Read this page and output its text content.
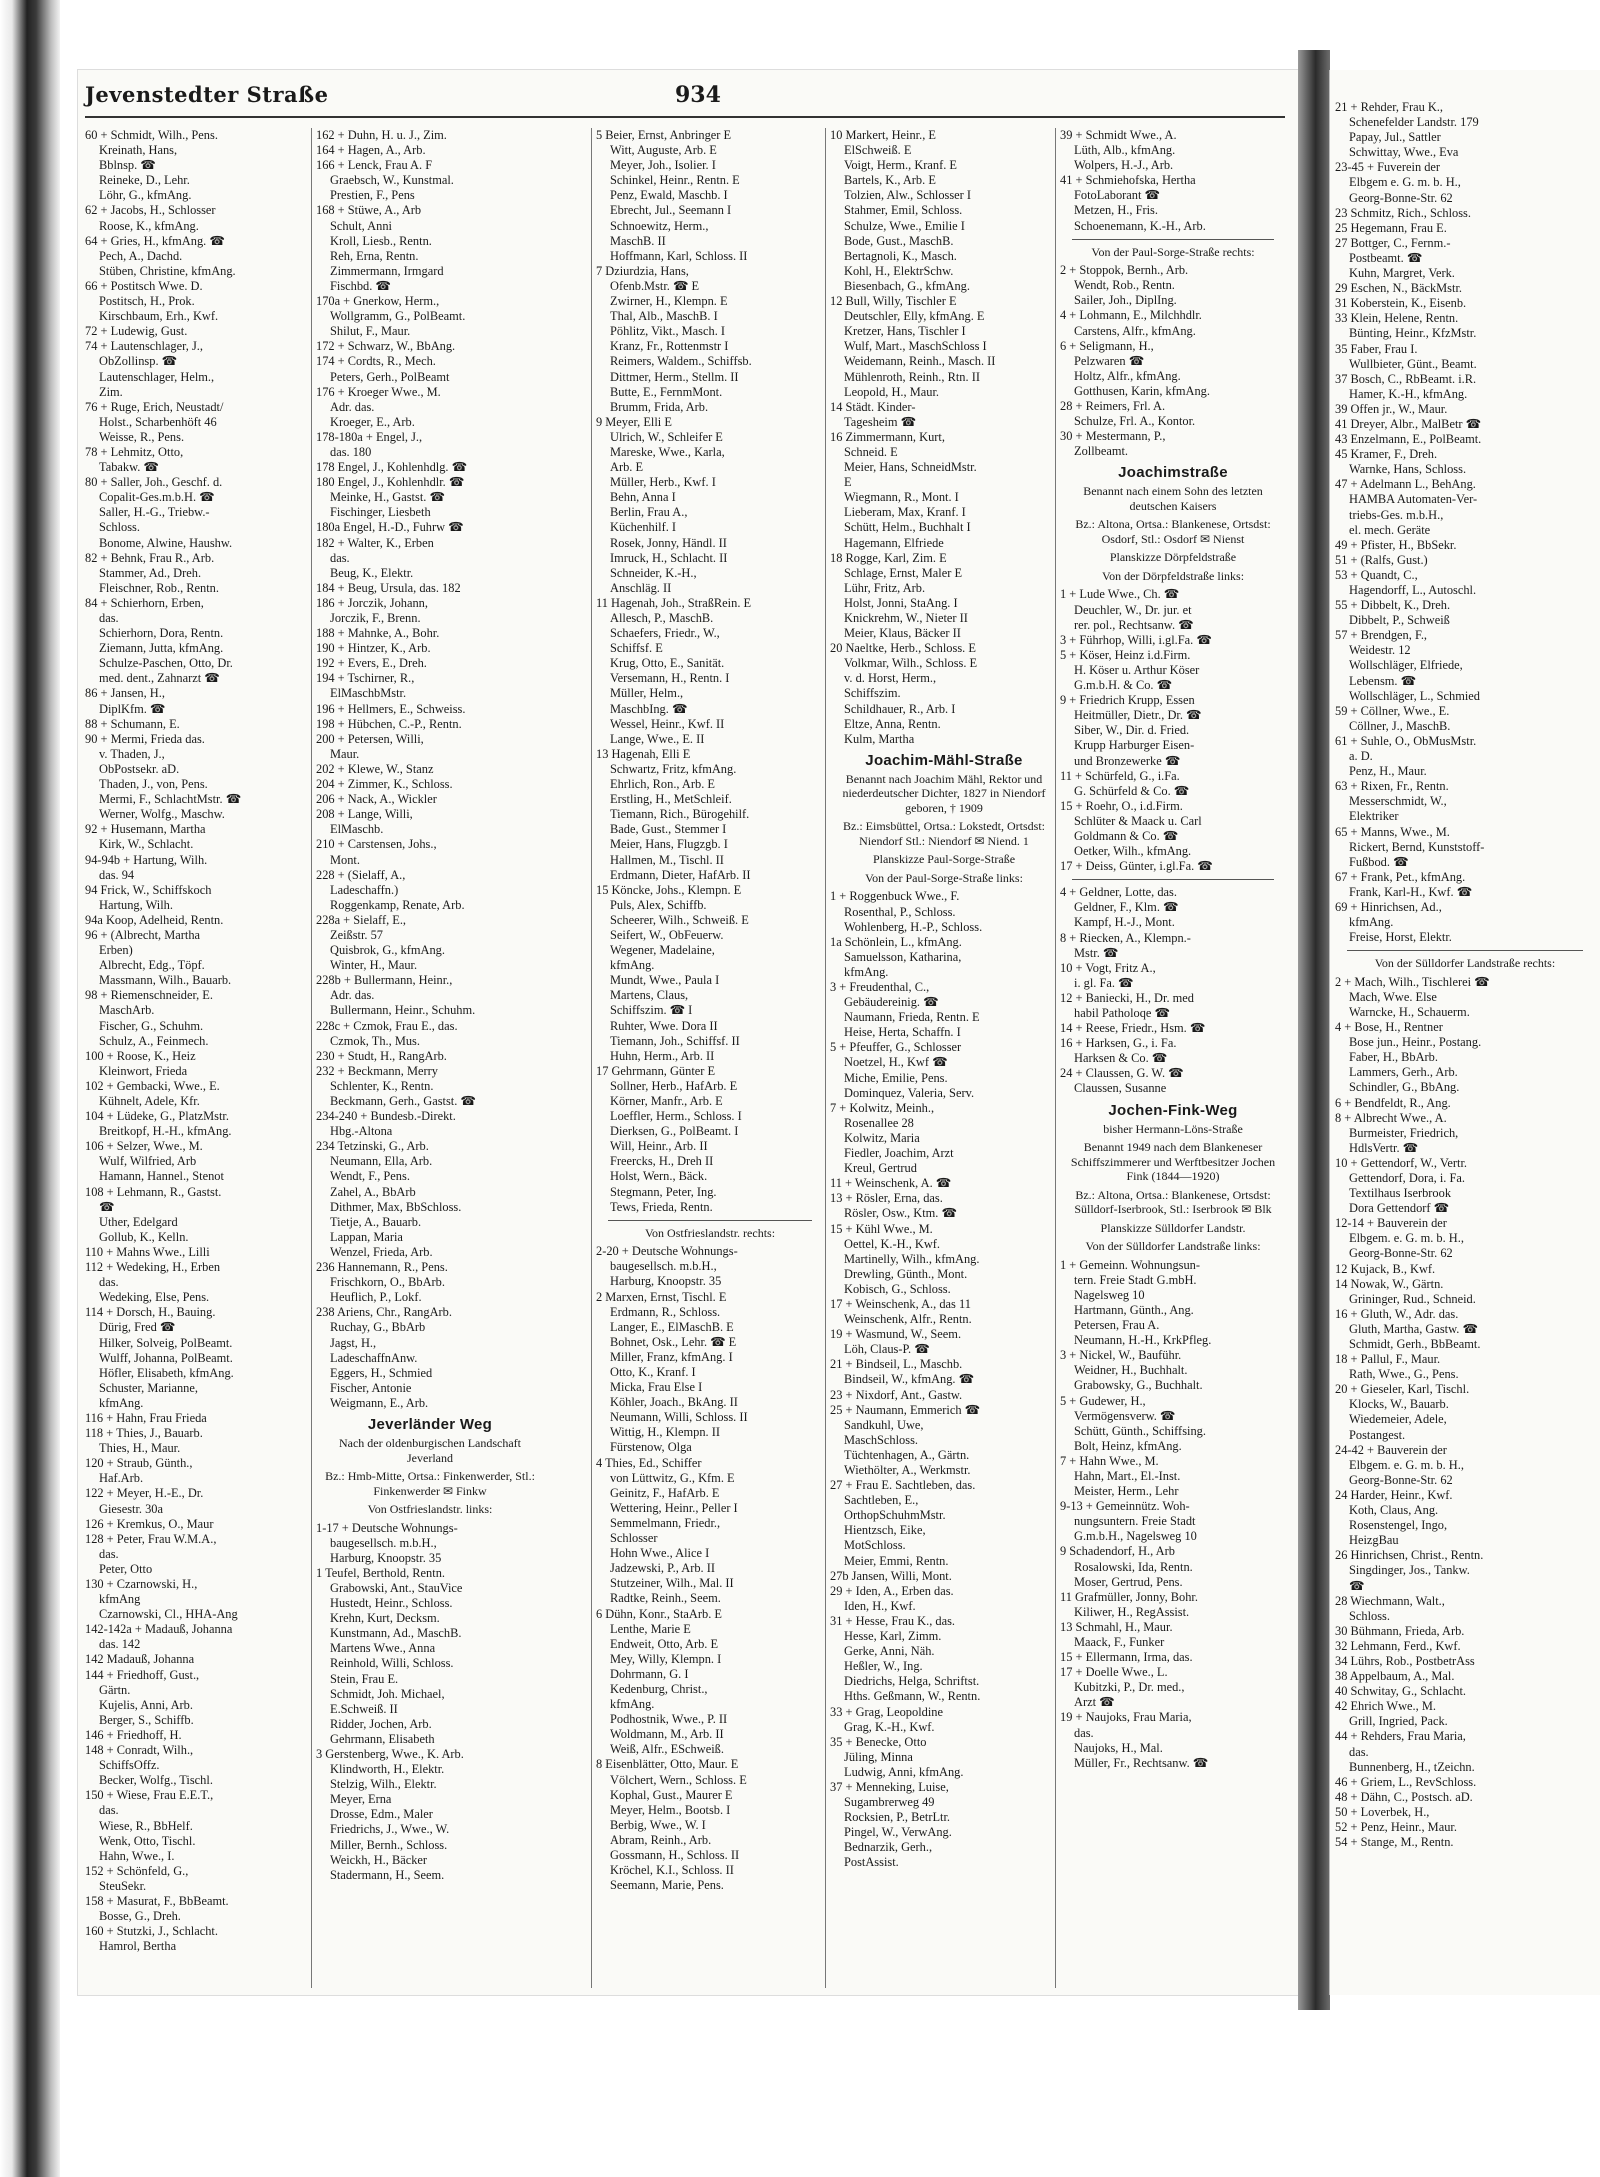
Jevenstedter Straße	934
60 + Schmidt, Wilh., Pens.
Kreinath, Hans,
Bblnsp. ☎
Reineke, D., Lehr.
Löhr, G., kfmAng.
62 + Jacobs, H., Schlosser
Roose, K., kfmAng.
64 + Gries, H., kfmAng. ☎
Pech, A., Dachd.
Stüben, Christine, kfmAng.
66 + Postitsch Wwe. D.
Postitsch, H., Prok.
Kirschbaum, Erh., Kwf.
72 + Ludewig, Gust.
74 + Lautenschlager, J.,
ObZollinsp. ☎
Lautenschlager, Helm.,
Zim.
76 + Ruge, Erich, Neustadt/
Holst., Scharbenhöft 46
Weisse, R., Pens.
78 + Lehmitz, Otto,
Tabakw. ☎
80 + Saller, Joh., Geschf. d.
Copalit-Ges.m.b.H. ☎
Saller, H.-G., Triebw.-
Schloss.
Bonome, Alwine, Haushw.
82 + Behnk, Frau R., Arb.
Stammer, Ad., Dreh.
Fleischner, Rob., Rentn.
84 + Schierhorn, Erben,
das.
Schierhorn, Dora, Rentn.
Ziemann, Jutta, kfmAng.
Schulze-Paschen, Otto, Dr.
med. dent., Zahnarzt ☎
86 + Jansen, H.,
DiplKfm. ☎
88 + Schumann, E.
90 + Mermi, Frieda das.
v. Thaden, J.,
ObPostsekr. aD.
Thaden, J., von, Pens.
Mermi, F., SchlachtMstr. ☎
Werner, Wolfg., Maschw.
92 + Husemann, Martha
Kirk, W., Schlacht.
94-94b + Hartung, Wilh.
das. 94
94 Frick, W., Schiffskoch
Hartung, Wilh.
94a Koop, Adelheid, Rentn.
96 + (Albrecht, Martha
Erben)
Albrecht, Edg., Töpf.
Massmann, Wilh., Bauarb.
98 + Riemenschneider, E.
MaschArb.
Fischer, G., Schuhm.
Schulz, A., Feinmech.
100 + Roose, K., Heiz
Kleinwort, Frieda
102 + Gembacki, Wwe., E.
Kühnelt, Adele, Kfr.
104 + Lüdeke, G., PlatzMstr.
Breitkopf, H.-H., kfmAng.
106 + Selzer, Wwe., M.
Wulf, Wilfried, Arb
Hamann, Hannel., Stenot
108 + Lehmann, R., Gastst.
☎
Uther, Edelgard
Gollub, K., Kelln.
110 + Mahns Wwe., Lilli
112 + Wedeking, H., Erben
das.
Wedeking, Else, Pens.
114 + Dorsch, H., Bauing.
Dürig, Fred ☎
Hilker, Solveig, PolBeamt.
Wulff, Johanna, PolBeamt.
Höfler, Elisabeth, kfmAng.
Schuster, Marianne,
kfmAng.
116 + Hahn, Frau Frieda
118 + Thies, J., Bauarb.
Thies, H., Maur.
120 + Straub, Günth.,
Haf.Arb.
122 + Meyer, H.-E., Dr.
Giesestr. 30a
126 + Kremkus, O., Maur
128 + Peter, Frau W.M.A.,
das.
Peter, Otto
130 + Czarnowski, H.,
kfmAng
Czarnowski, Cl., HHA-Ang
142-142a + Madauß, Johanna
das. 142
142 Madauß, Johanna
144 + Friedhoff, Gust.,
Gärtn.
Kujelis, Anni, Arb.
Berger, S., Schiffb.
146 + Friedhoff, H.
148 + Conradt, Wilh.,
SchiffsOffz.
Becker, Wolfg., Tischl.
150 + Wiese, Frau E.E.T.,
das.
Wiese, R., BbHelf.
Wenk, Otto, Tischl.
Hahn, Wwe., I.
152 + Schönfeld, G.,
SteuSekr.
158 + Masurat, F., BbBeamt.
Bosse, G., Dreh.
160 + Stutzki, J., Schlacht.
Hamrol, Bertha
162 + Duhn, H. u. J., Zim.
164 + Hagen, A., Arb.
166 + Lenck, Frau A. F
Graebsch, W., Kunstmal.
Prestien, F., Pens
168 + Stüwe, A., Arb
Schult, Anni
Kroll, Liesb., Rentn.
Reh, Erna, Rentn.
Zimmermann, Irmgard
Fischbd. ☎
170a + Gnerkow, Herm.,
Wollgramm, G., PolBeamt.
Shilut, F., Maur.
172 + Schwarz, W., BbAng.
174 + Cordts, R., Mech.
Peters, Gerh., PolBeamt
176 + Kroeger Wwe., M.
Adr. das.
Kroeger, E., Arb.
178-180a + Engel, J.,
das. 180
178 Engel, J., Kohlenhdlg. ☎
180 Engel, J., Kohlenhdlr. ☎
Meinke, H., Gastst. ☎
Fischinger, Liesbeth
180a Engel, H.-D., Fuhrw ☎
182 + Walter, K., Erben
das.
Beug, K., Elektr.
184 + Beug, Ursula, das. 182
186 + Jorczik, Johann,
Jorczik, F., Brenn.
188 + Mahnke, A., Bohr.
190 + Hintzer, K., Arb.
192 + Evers, E., Dreh.
194 + Tschirner, R.,
ElMaschbMstr.
196 + Hellmers, E., Schweiss.
198 + Hübchen, C.-P., Rentn.
200 + Petersen, Willi,
Maur.
202 + Klewe, W., Stanz
204 + Zimmer, K., Schloss.
206 + Nack, A., Wickler
208 + Lange, Willi,
ElMaschb.
210 + Carstensen, Johs.,
Mont.
228 + (Sielaff, A.,
Ladeschaffn.)
Roggenkamp, Renate, Arb.
228a + Sielaff, E.,
Zeißstr. 57
Quisbrok, G., kfmAng.
Winter, H., Maur.
228b + Bullermann, Heinr.,
Adr. das.
Bullermann, Heinr., Schuhm.
228c + Czmok, Frau E., das.
Czmok, Th., Mus.
230 + Studt, H., RangArb.
232 + Beckmann, Merry
Schlenter, K., Rentn.
Beckmann, Gerh., Gastst. ☎
234-240 + Bundesb.-Direkt.
Hbg.-Altona
234 Tetzinski, G., Arb.
Neumann, Ella, Arb.
Wendt, F., Pens.
Zahel, A., BbArb
Dithmer, Max, BbSchloss.
Tietje, A., Bauarb.
Lappan, Maria
Wenzel, Frieda, Arb.
236 Hannemann, R., Pens.
Frischkorn, O., BbArb.
Heuflich, P., Lokf.
238 Ariens, Chr., RangArb.
Ruchay, G., BbArb
Jagst, H.,
LadeschaffnAnw.
Eggers, H., Schmied
Fischer, Antonie
Weigmann, E., Arb.
Jeverländer Weg
Nach der oldenburgischen Landschaft Jeverland
Bz.: Hmb-Mitte, Ortsa.: Finkenwerder, Stl.: Finkenwerder ✉ Finkw
Von Ostfrieslandstr. links:
1-17 + Deutsche Wohnungs-
baugesellsch. m.b.H.,
Harburg, Knoopstr. 35
1 Teufel, Berthold, Rentn.
Grabowski, Ant., StauVice
Hustedt, Heinr., Schloss.
Krehn, Kurt, Decksm.
Kunstmann, Ad., MaschB.
Martens Wwe., Anna
Reinhold, Willi, Schloss.
Stein, Frau E.
Schmidt, Joh. Michael,
E.Schweiß. II
Ridder, Jochen, Arb.
Gehrmann, Elisabeth
3 Gerstenberg, Wwe., K. Arb.
Klindworth, H., Elektr.
Stelzig, Wilh., Elektr.
Meyer, Erna
Drosse, Edm., Maler
Friedrichs, J., Wwe., W.
Miller, Bernh., Schloss.
Weickh, H., Bäcker
Stadermann, H., Seem.
5 Beier, Ernst, Anbringer E
Witt, Auguste, Arb. E
Meyer, Joh., Isolier. I
Schinkel, Heinr., Rentn. E
Penz, Ewald, Maschb. I
Ebrecht, Jul., Seemann I
Schnoewitz, Herm.,
MaschB. II
Hoffmann, Karl, Schloss. II
7 Dziurdzia, Hans,
Ofenb.Mstr. ☎ E
Zwirner, H., Klempn. E
Thal, Alb., MaschB. I
Pöhlitz, Vikt., Masch. I
Kranz, Fr., Rottenmstr I
Reimers, Waldem., Schiffsb.
Dittmer, Herm., Stellm. II
Butte, E., FernmMont.
Brumm, Frida, Arb.
9 Meyer, Elli E
Ulrich, W., Schleifer E
Mareske, Wwe., Karla,
Arb. E
Müller, Herb., Kwf. I
Behn, Anna I
Berlin, Frau A.,
Küchenhilf. I
Rosek, Jonny, Händl. II
Imruck, H., Schlacht. II
Schneider, K.-H.,
Anschläg. II
11 Hagenah, Joh., StraßRein. E
Allesch, P., MaschB.
Schaefers, Friedr., W.,
Schiffsf. E
Krug, Otto, E., Sanität.
Versemann, H., Rentn. I
Müller, Helm.,
MaschbIng. ☎
Wessel, Heinr., Kwf. II
Lange, Wwe., E. II
13 Hagenah, Elli E
Schwartz, Fritz, kfmAng.
Ehrlich, Ron., Arb. E
Erstling, H., MetSchleif.
Tiemann, Rich., Bürogehilf.
Bade, Gust., Stemmer I
Meier, Hans, Flugzgb. I
Hallmen, M., Tischl. II
Erdmann, Dieter, HafArb. II
15 Köncke, Johs., Klempn. E
Puls, Alex, Schiffb.
Scheerer, Wilh., Schweiß. E
Seifert, W., ObFeuerw.
Wegener, Madelaine,
kfmAng.
Mundt, Wwe., Paula I
Martens, Claus,
Schiffszim. ☎ I
Ruhter, Wwe. Dora II
Tiemann, Joh., Schiffsf. II
Huhn, Herm., Arb. II
17 Gehrmann, Günter E
Sollner, Herb., HafArb. E
Körner, Manfr., Arb. E
Loeffler, Herm., Schloss. I
Dierksen, G., PolBeamt. I
Will, Heinr., Arb. II
Freercks, H., Dreh II
Holst, Wern., Bäck.
Stegmann, Peter, Ing.
Tews, Frieda, Rentn.
Von Ostfrieslandstr. rechts:
2-20 + Deutsche Wohnungs-
baugesellsch. m.b.H.,
Harburg, Knoopstr. 35
2 Marxen, Ernst, Tischl. E
Erdmann, R., Schloss.
Langer, E., ElMaschB. E
Bohnet, Osk., Lehr. ☎ E
Miller, Franz, kfmAng. I
Otto, K., Kranf. I
Micka, Frau Else I
Köhler, Joach., BkAng. II
Neumann, Willi, Schloss. II
Wittig, H., Klempn. II
Fürstenow, Olga
4 Thies, Ed., Schiffer
von Lüttwitz, G., Kfm. E
Geinitz, F., HafArb. E
Wettering, Heinr., Peller I
Semmelmann, Friedr.,
Schlosser
Hohn Wwe., Alice I
Jadzewski, P., Arb. II
Stutzeiner, Wilh., Mal. II
Radtke, Reinh., Seem.
6 Dühn, Konr., StaArb. E
Lenthe, Marie E
Endweit, Otto, Arb. E
Mey, Willy, Klempn. I
Dohrmann, G. I
Kedenburg, Christ.,
kfmAng.
Podhostnik, Wwe., P. II
Woldmann, M., Arb. II
Weiß, Alfr., ESchweiß.
8 Eisenblätter, Otto, Maur. E
Völchert, Wern., Schloss. E
Kophal, Gust., Maurer E
Meyer, Helm., Bootsb. I
Berbig, Wwe., W. I
Abram, Reinh., Arb.
Gossmann, H., Schloss. II
Kröchel, K.I., Schloss. II
Seemann, Marie, Pens.
10 Markert, Heinr., E
ElSchweiß. E
Voigt, Herm., Kranf. E
Bartels, K., Arb. E
Tolzien, Alw., Schlosser I
Stahmer, Emil, Schloss.
Schulze, Wwe., Emilie I
Bode, Gust., MaschB.
Bertagnoli, K., Masch.
Kohl, H., ElektrSchw.
Biesenbach, G., kfmAng.
12 Bull, Willy, Tischler E
Deutschler, Elly, kfmAng. E
Kretzer, Hans, Tischler I
Wulf, Mart., MaschSchloss I
Weidemann, Reinh., Masch. II
Mühlenroth, Reinh., Rtn. II
Leopold, H., Maur.
14 Städt. Kinder-
Tagesheim ☎
16 Zimmermann, Kurt,
Schneid. E
Meier, Hans, SchneidMstr.
E
Wiegmann, R., Mont. I
Lieberam, Max, Kranf. I
Schütt, Helm., Buchhalt I
Hagemann, Elfriede
18 Rogge, Karl, Zim. E
Schlage, Ernst, Maler E
Lühr, Fritz, Arb.
Holst, Jonni, StaAng. I
Knickrehm, W., Nieter II
Meier, Klaus, Bäcker II
20 Naeltke, Herb., Schloss. E
Volkmar, Wilh., Schloss. E
v. d. Horst, Herm.,
Schiffszim.
Schildhauer, R., Arb. I
Eltze, Anna, Rentn.
Kulm, Martha
Joachim-Mähl-Straße
Benannt nach Joachim Mähl, Rektor und niederdeutscher Dichter, 1827 in Niendorf geboren, † 1909
Bz.: Eimsbüttel, Ortsa.: Lokstedt, Ortsdst: Niendorf Stl.: Niendorf ✉ Niend. 1
Planskizze Paul-Sorge-Straße
Von der Paul-Sorge-Straße links:
1 + Roggenbuck Wwe., F.
Rosenthal, P., Schloss.
Wohlenberg, H.-P., Schloss.
1a Schönlein, L., kfmAng.
Samuelsson, Katharina,
kfmAng.
3 + Freudenthal, C.,
Gebäudereinig. ☎
Naumann, Frieda, Rentn. E
Heise, Herta, Schaffn. I
5 + Pfeuffer, G., Schlosser
Noetzel, H., Kwf ☎
Miche, Emilie, Pens.
Dominquez, Valeria, Serv.
7 + Kolwitz, Meinh.,
Rosenallee 28
Kolwitz, Maria
Fiedler, Joachim, Arzt
Kreul, Gertrud
11 + Weinschenk, A. ☎
13 + Rösler, Erna, das.
Rösler, Osw., Ktm. ☎
15 + Kühl Wwe., M.
Oettel, K.-H., Kwf.
Martinelly, Wilh., kfmAng.
Drewling, Günth., Mont.
Kobisch, G., Schloss.
17 + Weinschenk, A., das 11
Weinschenk, Alfr., Rentn.
19 + Wasmund, W., Seem.
Löh, Claus-P. ☎
21 + Bindseil, L., Maschb.
Bindseil, W., kfmAng. ☎
23 + Nixdorf, Ant., Gastw.
25 + Naumann, Emmerich ☎
Sandkuhl, Uwe,
MaschSchloss.
Tüchtenhagen, A., Gärtn.
Wiethölter, A., Werkmstr.
27 + Frau E. Sachtleben, das.
Sachtleben, E.,
OrthopSchuhmMstr.
Hientzsch, Eike,
MotSchloss.
Meier, Emmi, Rentn.
27b Jansen, Willi, Mont.
29 + Iden, A., Erben das.
Iden, H., Kwf.
31 + Hesse, Frau K., das.
Hesse, Karl, Zimm.
Gerke, Anni, Näh.
Heßler, W., Ing.
Diedrichs, Helga, Schriftst.
Hths. Geßmann, W., Rentn.
33 + Grag, Leopoldine
Grag, K.-H., Kwf.
35 + Benecke, Otto
Jüling, Minna
Ludwig, Anni, kfmAng.
37 + Menneking, Luise,
Sugambrerweg 49
Rocksien, P., BetrLtr.
Pingel, W., VerwAng.
Bednarzik, Gerh.,
PostAssist.
39 + Schmidt Wwe., A.
Lüth, Alb., kfmAng.
Wolpers, H.-J., Arb.
41 + Schmiehofska, Hertha
FotoLaborant ☎
Metzen, H., Fris.
Schoenemann, K.-H., Arb.
Von der Paul-Sorge-Straße rechts:
2 + Stoppok, Bernh., Arb.
Wendt, Rob., Rentn.
Sailer, Joh., DiplIng.
4 + Lohmann, E., Milchhdlr.
Carstens, Alfr., kfmAng.
6 + Seligmann, H.,
Pelzwaren ☎
Holtz, Alfr., kfmAng.
Gotthusen, Karin, kfmAng.
28 + Reimers, Frl. A.
Schulze, Frl. A., Kontor.
30 + Mestermann, P.,
Zollbeamt.
Joachimstraße
Benannt nach einem Sohn des letzten deutschen Kaisers
Bz.: Altona, Ortsa.: Blankenese, Ortsdst: Osdorf, Stl.: Osdorf ✉ Nienst
Planskizze Dörpfeldstraße
Von der Dörpfeldstraße links:
1 + Lude Wwe., Ch. ☎
Deuchler, W., Dr. jur. et
rer. pol., Rechtsanw. ☎
3 + Führhop, Willi, i.gl.Fa. ☎
5 + Köser, Heinz i.d.Firm.
H. Köser u. Arthur Köser
G.m.b.H. & Co. ☎
9 + Friedrich Krupp, Essen
Heitmüller, Dietr., Dr. ☎
Siber, W., Dir. d. Fried.
Krupp Harburger Eisen-
und Bronzewerke ☎
11 + Schürfeld, G., i.Fa.
G. Schürfeld & Co. ☎
15 + Roehr, O., i.d.Firm.
Schlüter & Maack u. Carl
Goldmann & Co. ☎
Oetker, Wilh., kfmAng.
17 + Deiss, Günter, i.gl.Fa. ☎
4 + Geldner, Lotte, das.
Geldner, F., Klm. ☎
Kampf, H.-J., Mont.
8 + Riecken, A., Klempn.-
Mstr. ☎
10 + Vogt, Fritz A.,
i. gl. Fa. ☎
12 + Baniecki, H., Dr. med
habil Patholoqe ☎
14 + Reese, Friedr., Hsm. ☎
16 + Harksen, G., i. Fa.
Harksen & Co. ☎
24 + Claussen, G. W. ☎
Claussen, Susanne
Jochen-Fink-Weg
bisher Hermann-Löns-Straße
Benannt 1949 nach dem Blankeneser Schiffszimmerer und Werftbesitzer Jochen Fink (1844—1920)
Bz.: Altona, Ortsa.: Blankenese, Ortsdst: Sülldorf-Iserbrook, Stl.: Iserbrook ✉ Blk
Planskizze Sülldorfer Landstr.
Von der Sülldorfer Landstraße links:
1 + Gemeinn. Wohnungsun-
tern. Freie Stadt G.mbH.
Nagelsweg 10
Hartmann, Günth., Ang.
Petersen, Frau A.
Neumann, H.-H., KrkPfleg.
3 + Nickel, W., Bauführ.
Weidner, H., Buchhalt.
Grabowsky, G., Buchhalt.
5 + Gudewer, H.,
Vermögensverw. ☎
Schütt, Günth., Schiffsing.
Bolt, Heinz, kfmAng.
7 + Hahn Wwe., M.
Hahn, Mart., El.-Inst.
Meister, Herm., Lehr
9-13 + Gemeinnütz. Woh-
nungsuntern. Freie Stadt
G.m.b.H., Nagelsweg 10
9 Schadendorf, H., Arb
Rosalowski, Ida, Rentn.
Moser, Gertrud, Pens.
11 Grafmüller, Jonny, Bohr.
Kiliwer, H., RegAssist.
13 Schmahl, H., Maur.
Maack, F., Funker
15 + Ellermann, Irma, das.
17 + Doelle Wwe., L.
Kubitzki, P., Dr. med.,
Arzt ☎
19 + Naujoks, Frau Maria,
das.
Naujoks, H., Mal.
Müller, Fr., Rechtsanw. ☎
21 + Rehder, Frau K.,
Schenefelder Landstr. 179
Papay, Jul., Sattler
Schwittay, Wwe., Eva
23-45 + Fuverein der
Elbgem e. G. m. b. H.,
Georg-Bonne-Str. 62
23 Schmitz, Rich., Schloss.
25 Hegemann, Frau E.
27 Bottger, C., Fernm.-
Postbeamt. ☎
Kuhn, Margret, Verk.
29 Eschen, N., BäckMstr.
31 Koberstein, K., Eisenb.
33 Klein, Helene, Rentn.
Bünting, Heinr., KfzMstr.
35 Faber, Frau I.
Wullbieter, Günt., Beamt.
37 Bosch, C., RbBeamt. i.R.
Hamer, K.-H., kfmAng.
39 Offen jr., W., Maur.
41 Dreyer, Albr., MalBetr ☎
43 Enzelmann, E., PolBeamt.
45 Kramer, F., Dreh.
Warnke, Hans, Schloss.
47 + Adelmann L., BehAng.
HAMBA Automaten-Ver-
triebs-Ges. m.b.H.,
el. mech. Geräte
49 + Pfister, H., BbSekr.
51 + (Ralfs, Gust.)
53 + Quandt, C.,
Hagendorff, L., Autoschl.
55 + Dibbelt, K., Dreh.
Dibbelt, P., Schweiß
57 + Brendgen, F.,
Weidestr. 12
Wollschläger, Elfriede,
Lebensm. ☎
Wollschläger, L., Schmied
59 + Cöllner, Wwe., E.
Cöllner, J., MaschB.
61 + Suhle, O., ObMusMstr.
a. D.
Penz, H., Maur.
63 + Rixen, Fr., Rentn.
Messerschmidt, W.,
Elektriker
65 + Manns, Wwe., M.
Rickert, Bernd, Kunststoff-
Fußbod. ☎
67 + Frank, Pet., kfmAng.
Frank, Karl-H., Kwf. ☎
69 + Hinrichsen, Ad.,
kfmAng.
Freise, Horst, Elektr.
Von der Sülldorfer Landstraße rechts:
2 + Mach, Wilh., Tischlerei ☎
Mach, Wwe. Else
Warncke, H., Schauerm.
4 + Bose, H., Rentner
Bose jun., Heinr., Postang.
Faber, H., BbArb.
Lammers, Gerh., Arb.
Schindler, G., BbAng.
6 + Bendfeldt, R., Ang.
8 + Albrecht Wwe., A.
Burmeister, Friedrich,
HdlsVertr. ☎
10 + Gettendorf, W., Vertr.
Gettendorf, Dora, i. Fa.
Textilhaus Iserbrook
Dora Gettendorf ☎
12-14 + Bauverein der
Elbgem. e. G. m. b. H.,
Georg-Bonne-Str. 62
12 Kujack, B., Kwf.
14 Nowak, W., Gärtn.
Grininger, Rud., Schneid.
16 + Gluth, W., Adr. das.
Gluth, Martha, Gastw. ☎
Schmidt, Gerh., BbBeamt.
18 + Pallul, F., Maur.
Rath, Wwe., G., Pens.
20 + Gieseler, Karl, Tischl.
Klocks, W., Bauarb.
Wiedemeier, Adele,
Postangest.
24-42 + Bauverein der
Elbgem. e. G. m. b. H.,
Georg-Bonne-Str. 62
24 Harder, Heinr., Kwf.
Koth, Claus, Ang.
Rosenstengel, Ingo,
HeizgBau
26 Hinrichsen, Christ., Rentn.
Singdinger, Jos., Tankw.
☎
28 Wiechmann, Walt.,
Schloss.
30 Bühmann, Frieda, Arb.
32 Lehmann, Ferd., Kwf.
34 Lührs, Rob., PostbetrAss
38 Appelbaum, A., Mal.
40 Schwitay, G., Schlacht.
42 Ehrich Wwe., M.
Grill, Ingried, Pack.
44 + Rehders, Frau Maria,
das.
Bunnenberg, H., tZeichn.
46 + Griem, L., RevSchloss.
48 + Dähn, C., Postsch. aD.
50 + Loverbek, H.,
52 + Penz, Heinr., Maur.
54 + Stange, M., Rentn.
